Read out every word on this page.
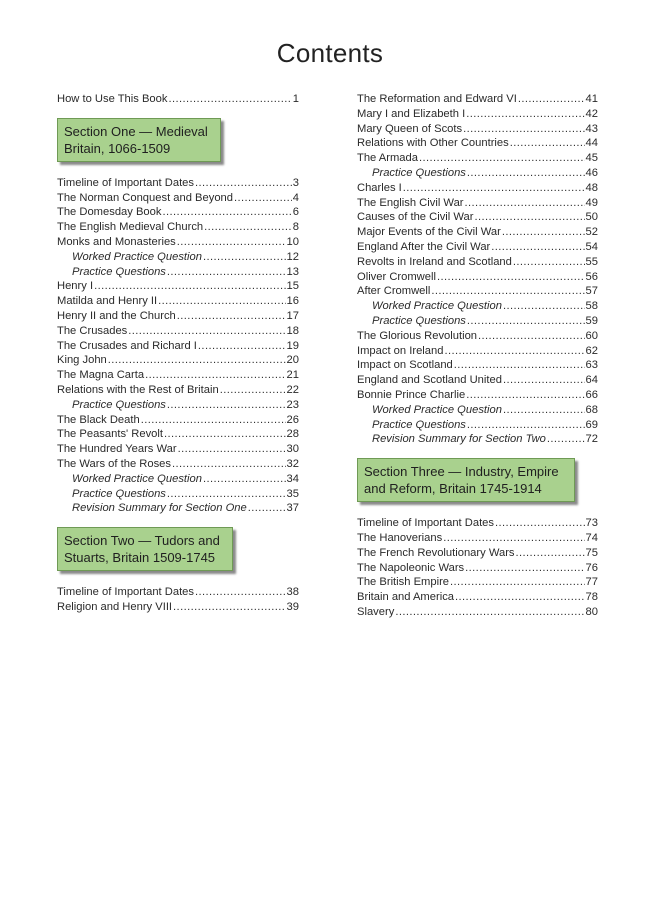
Contents
How to Use This Book .....	1
Section One — Medieval Britain, 1066-1509
Timeline of Important Dates .....	3
The Norman Conquest and Beyond .....	4
The Domesday Book .....	6
The English Medieval Church .....	8
Monks and Monasteries .....	10
Worked Practice Question .....	12
Practice Questions .....	13
Henry I .....	15
Matilda and Henry II .....	16
Henry II and the Church .....	17
The Crusades .....	18
The Crusades and Richard I .....	19
King John .....	20
The Magna Carta .....	21
Relations with the Rest of Britain .....	22
Practice Questions .....	23
The Black Death .....	26
The Peasants' Revolt .....	28
The Hundred Years War .....	30
The Wars of the Roses .....	32
Worked Practice Question .....	34
Practice Questions .....	35
Revision Summary for Section One .....	37
Section Two — Tudors and Stuarts, Britain 1509-1745
Timeline of Important Dates .....	38
Religion and Henry VIII .....	39
The Reformation and Edward VI .....	41
Mary I and Elizabeth I .....	42
Mary Queen of Scots .....	43
Relations with Other Countries .....	44
The Armada .....	45
Practice Questions .....	46
Charles I .....	48
The English Civil War .....	49
Causes of the Civil War .....	50
Major Events of the Civil War .....	52
England After the Civil War .....	54
Revolts in Ireland and Scotland .....	55
Oliver Cromwell .....	56
After Cromwell .....	57
Worked Practice Question .....	58
Practice Questions .....	59
The Glorious Revolution .....	60
Impact on Ireland .....	62
Impact on Scotland .....	63
England and Scotland United .....	64
Bonnie Prince Charlie .....	66
Worked Practice Question .....	68
Practice Questions .....	69
Revision Summary for Section Two .....	72
Section Three — Industry, Empire and Reform, Britain 1745-1914
Timeline of Important Dates .....	73
The Hanoverians .....	74
The French Revolutionary Wars .....	75
The Napoleonic Wars .....	76
The British Empire .....	77
Britain and America .....	78
Slavery .....	80
